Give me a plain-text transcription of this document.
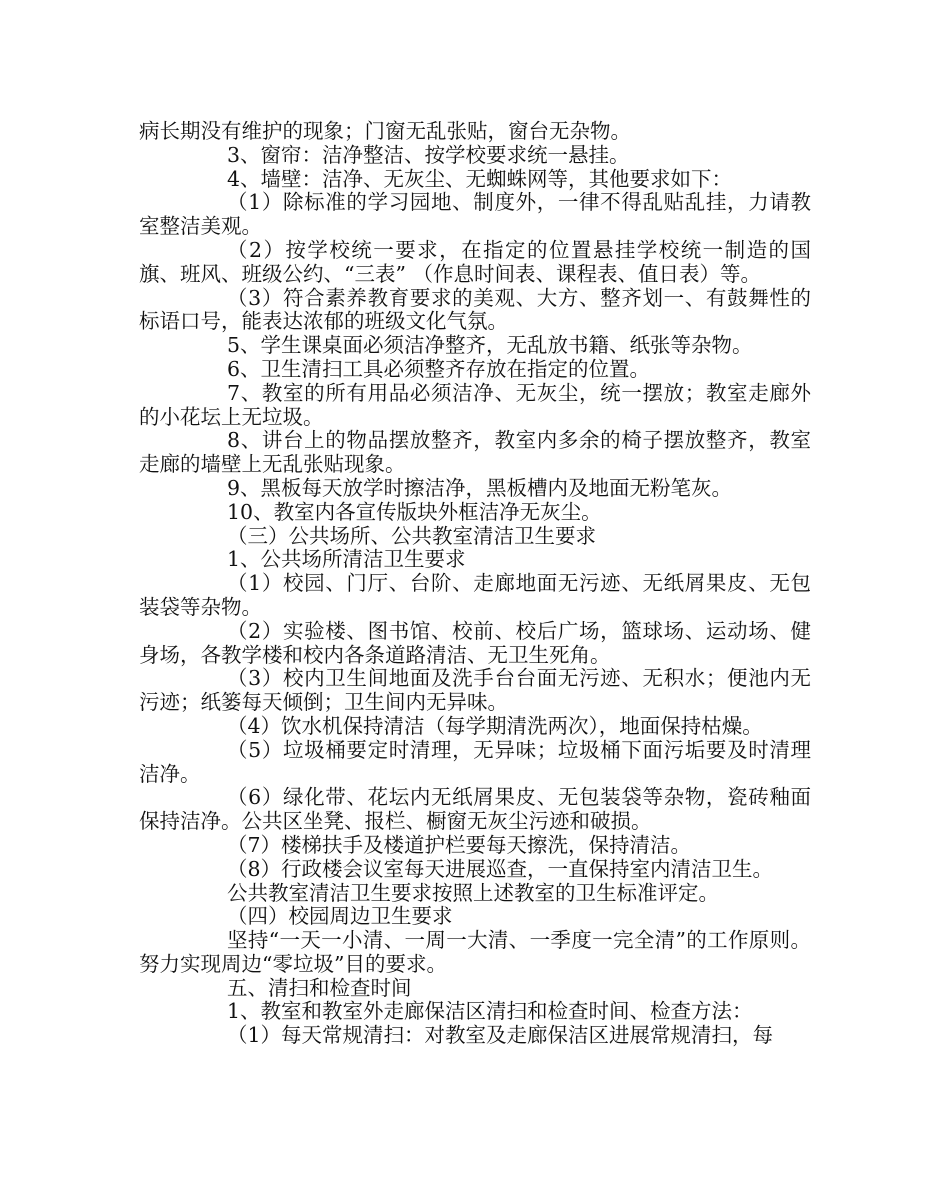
病长期没有维护的现象；门窗无乱张贴，窗台无杂物。

3、窗帘：洁净整洁、按学校要求统一悬挂。

4、墙壁：洁净、无灰尘、无蜘蛛网等，其他要求如下：

（1）除标准的学习园地、制度外，一律不得乱贴乱挂，力请教室整洁美观。

（2）按学校统一要求，在指定的位置悬挂学校统一制造的国旗、班风、班级公约、“三表” （作息时间表、课程表、值日表）等。

（3）符合素养教育要求的美观、大方、整齐划一、有鼓舞性的标语口号，能表达浓郁的班级文化气氛。

5、学生课桌面必须洁净整齐，无乱放书籍、纸张等杂物。

6、卫生清扫工具必须整齐存放在指定的位置。

7、教室的所有用品必须洁净、无灰尘，统一摆放；教室走廊外的小花坛上无垃圾。

8、讲台上的物品摆放整齐，教室内多余的椅子摆放整齐，教室走廊的墙壁上无乱张贴现象。

9、黑板每天放学时擦洁净，黑板槽内及地面无粉笔灰。

10、教室内各宣传版块外框洁净无灰尘。

（三）公共场所、公共教室清洁卫生要求

1、公共场所清洁卫生要求

（1）校园、门厅、台阶、走廊地面无污迹、无纸屑果皮、无包装袋等杂物。

（2）实验楼、图书馆、校前、校后广场，篮球场、运动场、健身场，各教学楼和校内各条道路清洁、无卫生死角。

（3）校内卫生间地面及洗手台台面无污迹、无积水；便池内无污迹；纸篓每天倾倒；卫生间内无异味。

（4）饮水机保持清洁（每学期清洗两次），地面保持枯燥。

（5）垃圾桶要定时清理，无异味；垃圾桶下面污垢要及时清理洁净。

（6）绿化带、花坛内无纸屑果皮、无包装袋等杂物，瓷砖釉面保持洁净。公共区坐凳、报栏、橱窗无灰尘污迹和破损。

（7）楼梯扶手及楼道护栏要每天擦洗，保持清洁。

（8）行政楼会议室每天进展巡查，一直保持室内清洁卫生。

公共教室清洁卫生要求按照上述教室的卫生标准评定。

（四）校园周边卫生要求

坚持“一天一小清、一周一大清、一季度一完全清”的工作原则。努力实现周边“零垃圾”目的要求。

五、清扫和检查时间

1、教室和教室外走廊保洁区清扫和检查时间、检查方法：

（1）每天常规清扫：对教室及走廊保洁区进展常规清扫，每
